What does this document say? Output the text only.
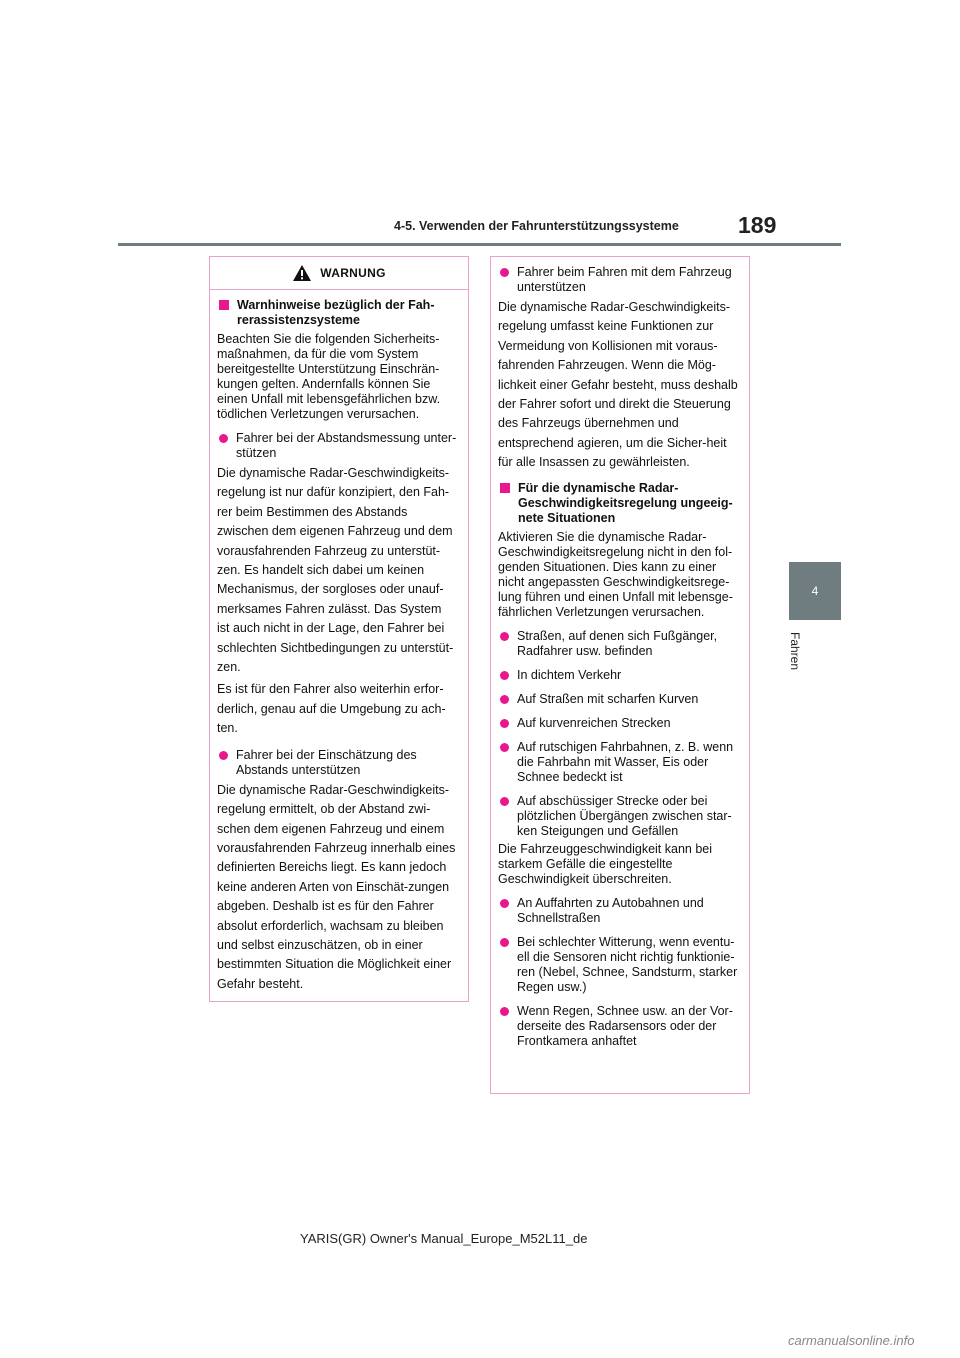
4-5. Verwenden der Fahrunterstützungssysteme	189
4
Fahren
WARNUNG
Warnhinweise bezüglich der Fah-rerassistenzsysteme

Beachten Sie die folgenden Sicherheits-maßnahmen, da für die vom System bereitgestellte Unterstützung Einschrän-kungen gelten. Andernfalls können Sie einen Unfall mit lebensgefährlichen bzw. tödlichen Verletzungen verursachen.

Fahrer bei der Abstandsmessung unter-stützen

Die dynamische Radar-Geschwindigkeits-regelung ist nur dafür konzipiert, den Fah-rer beim Bestimmen des Abstands zwischen dem eigenen Fahrzeug und dem vorausfahrenden Fahrzeug zu unterstüt-zen. Es handelt sich dabei um keinen Mechanismus, der sorgloses oder unauf-merksames Fahren zulässt. Das System ist auch nicht in der Lage, den Fahrer bei schlechten Sichtbedingungen zu unterstüt-zen.

Es ist für den Fahrer also weiterhin erfor-derlich, genau auf die Umgebung zu ach-ten.

Fahrer bei der Einschätzung des Abstands unterstützen

Die dynamische Radar-Geschwindigkeits-regelung ermittelt, ob der Abstand zwi-schen dem eigenen Fahrzeug und einem vorausfahrenden Fahrzeug innerhalb eines definierten Bereichs liegt. Es kann jedoch keine anderen Arten von Einschät-zungen abgeben. Deshalb ist es für den Fahrer absolut erforderlich, wachsam zu bleiben und selbst einzuschätzen, ob in einer bestimmten Situation die Möglichkeit einer Gefahr besteht.

Fahrer beim Fahren mit dem Fahrzeug unterstützen

Die dynamische Radar-Geschwindigkeits-regelung umfasst keine Funktionen zur Vermeidung von Kollisionen mit voraus-fahrenden Fahrzeugen. Wenn die Mög-lichkeit einer Gefahr besteht, muss deshalb der Fahrer sofort und direkt die Steuerung des Fahrzeugs übernehmen und entsprechend agieren, um die Sicher-heit für alle Insassen zu gewährleisten.

Für die dynamische Radar-Geschwindigkeitsregelung ungeeig-nete Situationen

Aktivieren Sie die dynamische Radar-Geschwindigkeitsregelung nicht in den fol-genden Situationen. Dies kann zu einer nicht angepassten Geschwindigkeitsrege-lung führen und einen Unfall mit lebensge-fährlichen Verletzungen verursachen.

Straßen, auf denen sich Fußgänger, Radfahrer usw. befinden
In dichtem Verkehr
Auf Straßen mit scharfen Kurven
Auf kurvenreichen Strecken
Auf rutschigen Fahrbahnen, z. B. wenn die Fahrbahn mit Wasser, Eis oder Schnee bedeckt ist
Auf abschüssiger Strecke oder bei plötzlichen Übergängen zwischen star-ken Steigungen und Gefällen

Die Fahrzeuggeschwindigkeit kann bei starkem Gefälle die eingestellte Geschwindigkeit überschreiten.

An Auffahrten zu Autobahnen und Schnellstraßen
Bei schlechter Witterung, wenn eventu-ell die Sensoren nicht richtig funktionie-ren (Nebel, Schnee, Sandsturm, starker Regen usw.)
Wenn Regen, Schnee usw. an der Vor-derseite des Radarsensors oder der Frontkamera anhaftet
YARIS(GR) Owner's Manual_Europe_M52L11_de
carmanualsonline.info
